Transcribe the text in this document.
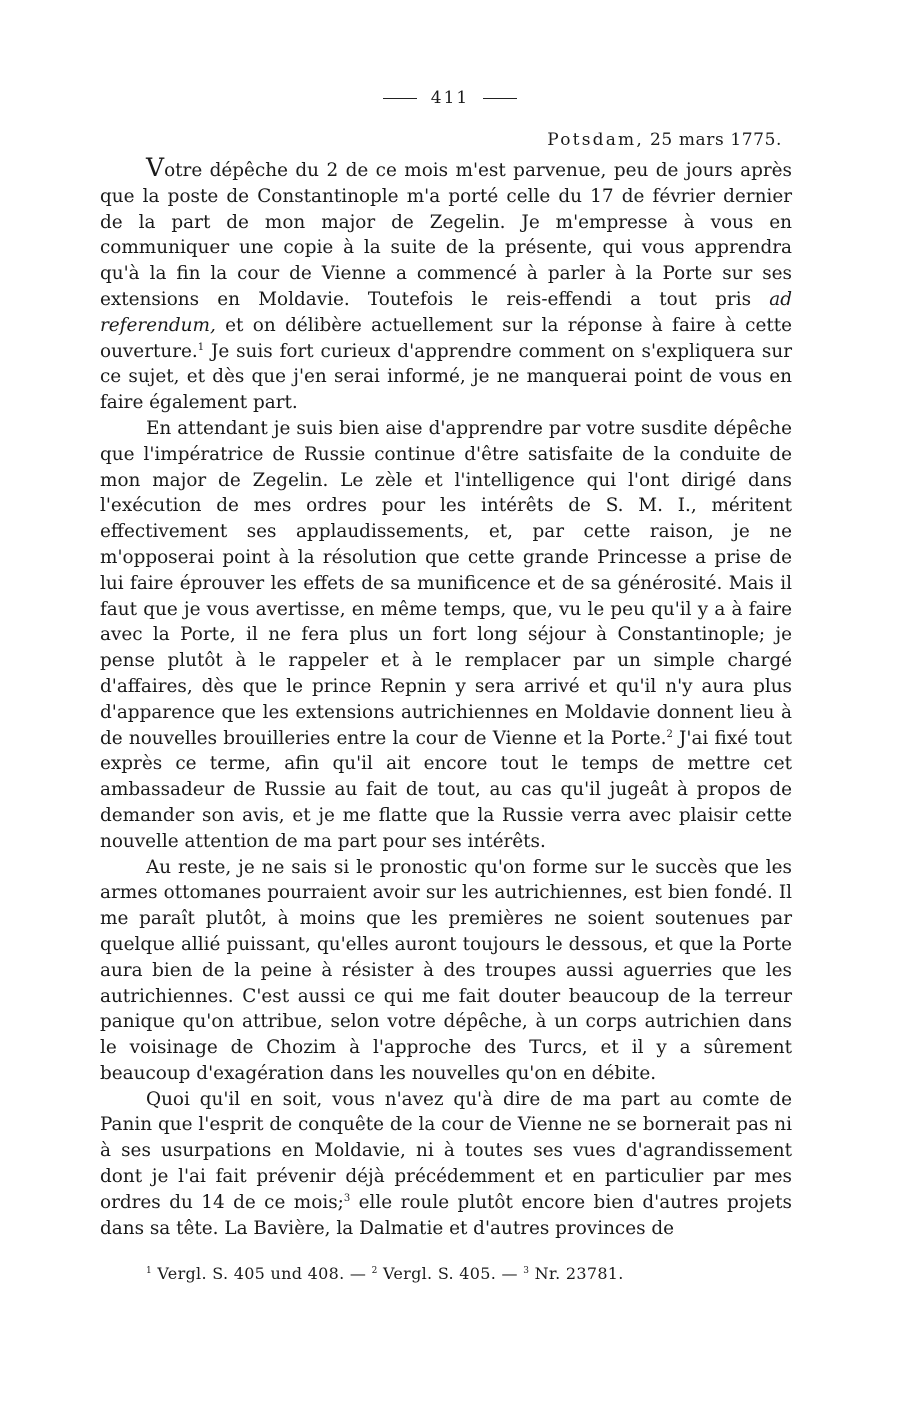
411
Potsdam, 25 mars 1775.

Votre dépêche du 2 de ce mois m'est parvenue, peu de jours après que la poste de Constantinople m'a porté celle du 17 de février dernier de la part de mon major de Zegelin. Je m'empresse à vous en communiquer une copie à la suite de la présente, qui vous apprendra qu'à la fin la cour de Vienne a commencé à parler à la Porte sur ses extensions en Moldavie. Toutefois le reis-effendi a tout pris ad referendum, et on délibère actuellement sur la réponse à faire à cette ouverture.$^1$ Je suis fort curieux d'apprendre comment on s'expliquera sur ce sujet, et dès que j'en serai informé, je ne manquerai point de vous en faire également part.

En attendant je suis bien aise d'apprendre par votre susdite dépêche que l'impératrice de Russie continue d'être satisfaite de la conduite de mon major de Zegelin. Le zèle et l'intelligence qui l'ont dirigé dans l'exécution de mes ordres pour les intérêts de S. M. I., méritent effectivement ses applaudissements, et, par cette raison, je ne m'opposerai point à la résolution que cette grande Princesse a prise de lui faire éprouver les effets de sa munificence et de sa générosité. Mais il faut que je vous avertisse, en même temps, que, vu le peu qu'il y a à faire avec la Porte, il ne fera plus un fort long séjour à Constantinople; je pense plutôt à le rappeler et à le remplacer par un simple chargé d'affaires, dès que le prince Repnin y sera arrivé et qu'il n'y aura plus d'apparence que les extensions autrichiennes en Moldavie donnent lieu à de nouvelles brouilleries entre la cour de Vienne et la Porte.$^2$ J'ai fixé tout exprès ce terme, afin qu'il ait encore tout le temps de mettre cet ambassadeur de Russie au fait de tout, au cas qu'il jugeât à propos de demander son avis, et je me flatte que la Russie verra avec plaisir cette nouvelle attention de ma part pour ses intérêts.

Au reste, je ne sais si le pronostic qu'on forme sur le succès que les armes ottomanes pourraient avoir sur les autrichiennes, est bien fondé. Il me paraît plutôt, à moins que les premières ne soient soutenues par quelque allié puissant, qu'elles auront toujours le dessous, et que la Porte aura bien de la peine à résister à des troupes aussi aguerries que les autrichiennes. C'est aussi ce qui me fait douter beaucoup de la terreur panique qu'on attribue, selon votre dépêche, à un corps autrichien dans le voisinage de Chozim à l'approche des Turcs, et il y a sûrement beaucoup d'exagération dans les nouvelles qu'on en débite.

Quoi qu'il en soit, vous n'avez qu'à dire de ma part au comte de Panin que l'esprit de conquête de la cour de Vienne ne se bornerait pas ni à ses usurpations en Moldavie, ni à toutes ses vues d'agrandissement dont je l'ai fait prévenir déjà précédemment et en particulier par mes ordres du 14 de ce mois;$^3$ elle roule plutôt encore bien d'autres projets dans sa tête. La Bavière, la Dalmatie et d'autres provinces de

$^1$ Vergl. S. 405 und 408. — $^2$ Vergl. S. 405. — $^3$ Nr. 23781.
